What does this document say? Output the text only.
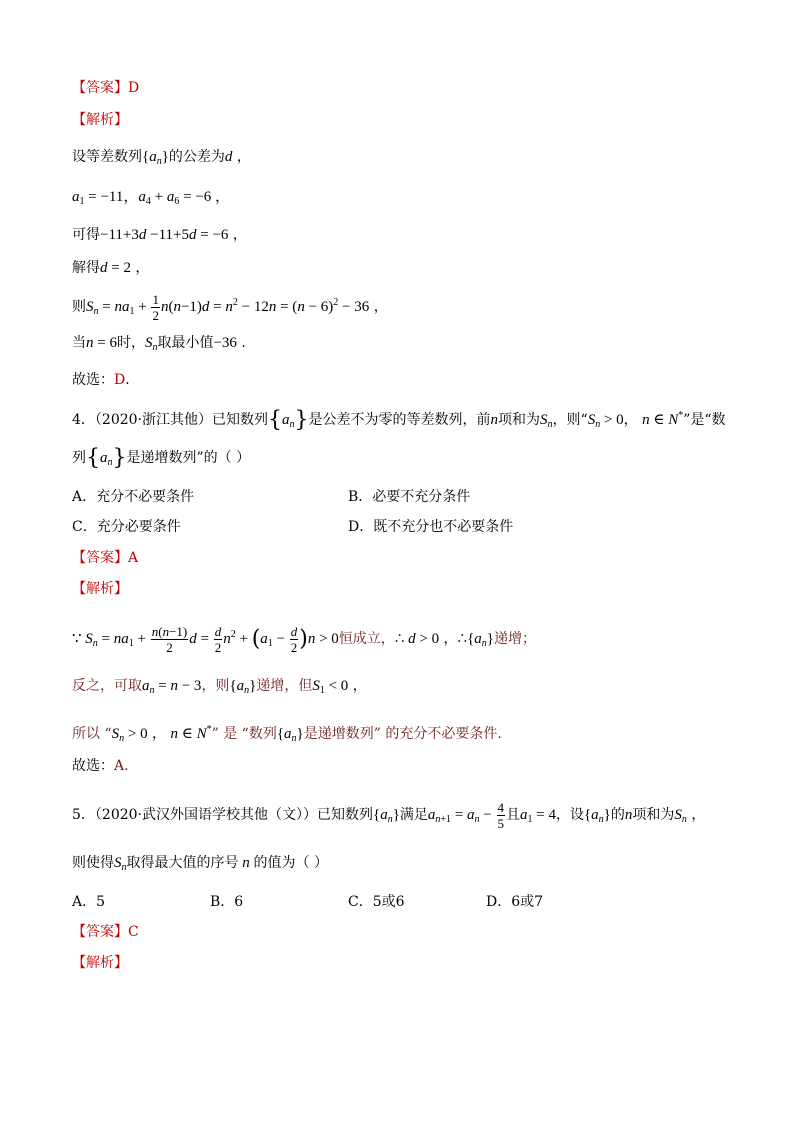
【答案】D
【解析】
设等差数列$\{a_n\}$的公差为d ，
$a_1 = -11$，$a_4 + a_6 = -6$ ，
可得−11+3d −11+5d = −6 ，
解得d = 2 ，
则$S_n = na_1 + \frac{1}{2} n(n-1)d = n^2 - 12n = (n - 6)^2 - 36$ ，
当n = 6时，$S_n$取最小值−36 .
故选：D．
4．（2020·浙江其他）已知数列$\{a_n\}$是公差不为零的等差数列，前n项和为$S_n$，则“$S_n > 0$， n ∈ N*”是“数
列$\{a_n\}$是递增数列”的（ ）
A．充分不必要条件	B．必要不充分条件
C．充分必要条件	D．既不充分也不必要条件
【答案】A
【解析】
∵ $S_n = na_1 + \frac{n(n-1)}{2}$ $d = \frac{d}{2} n^2 + (a_1 - \frac{d}{2} )n > 0$恒成立，∴ d > 0 ，$\therefore\{a_n\}$递增；
反之，可取$a_n = n - 3$，则$\{a_n\}$递增，但$S_1 < 0$ ，
所以 “$S_n > 0$ ， n ∈ N*” 是 “数列$\{a_n\}$是递增数列” 的充分不必要条件.
故选：A.
5．（2020·武汉外国语学校其他（文））已知数列$\{a_n\}$满足$a_{n+1} = a_n - \frac{4}{5}$ 且$a_1 = 4$，设$\{a_n\}$的n项和为$S_n$ ，
则使得$S_n$取得最大值的序号 n 的值为（ ）
A．5	B．6	C．5或6	D．6或7
【答案】C
【解析】
